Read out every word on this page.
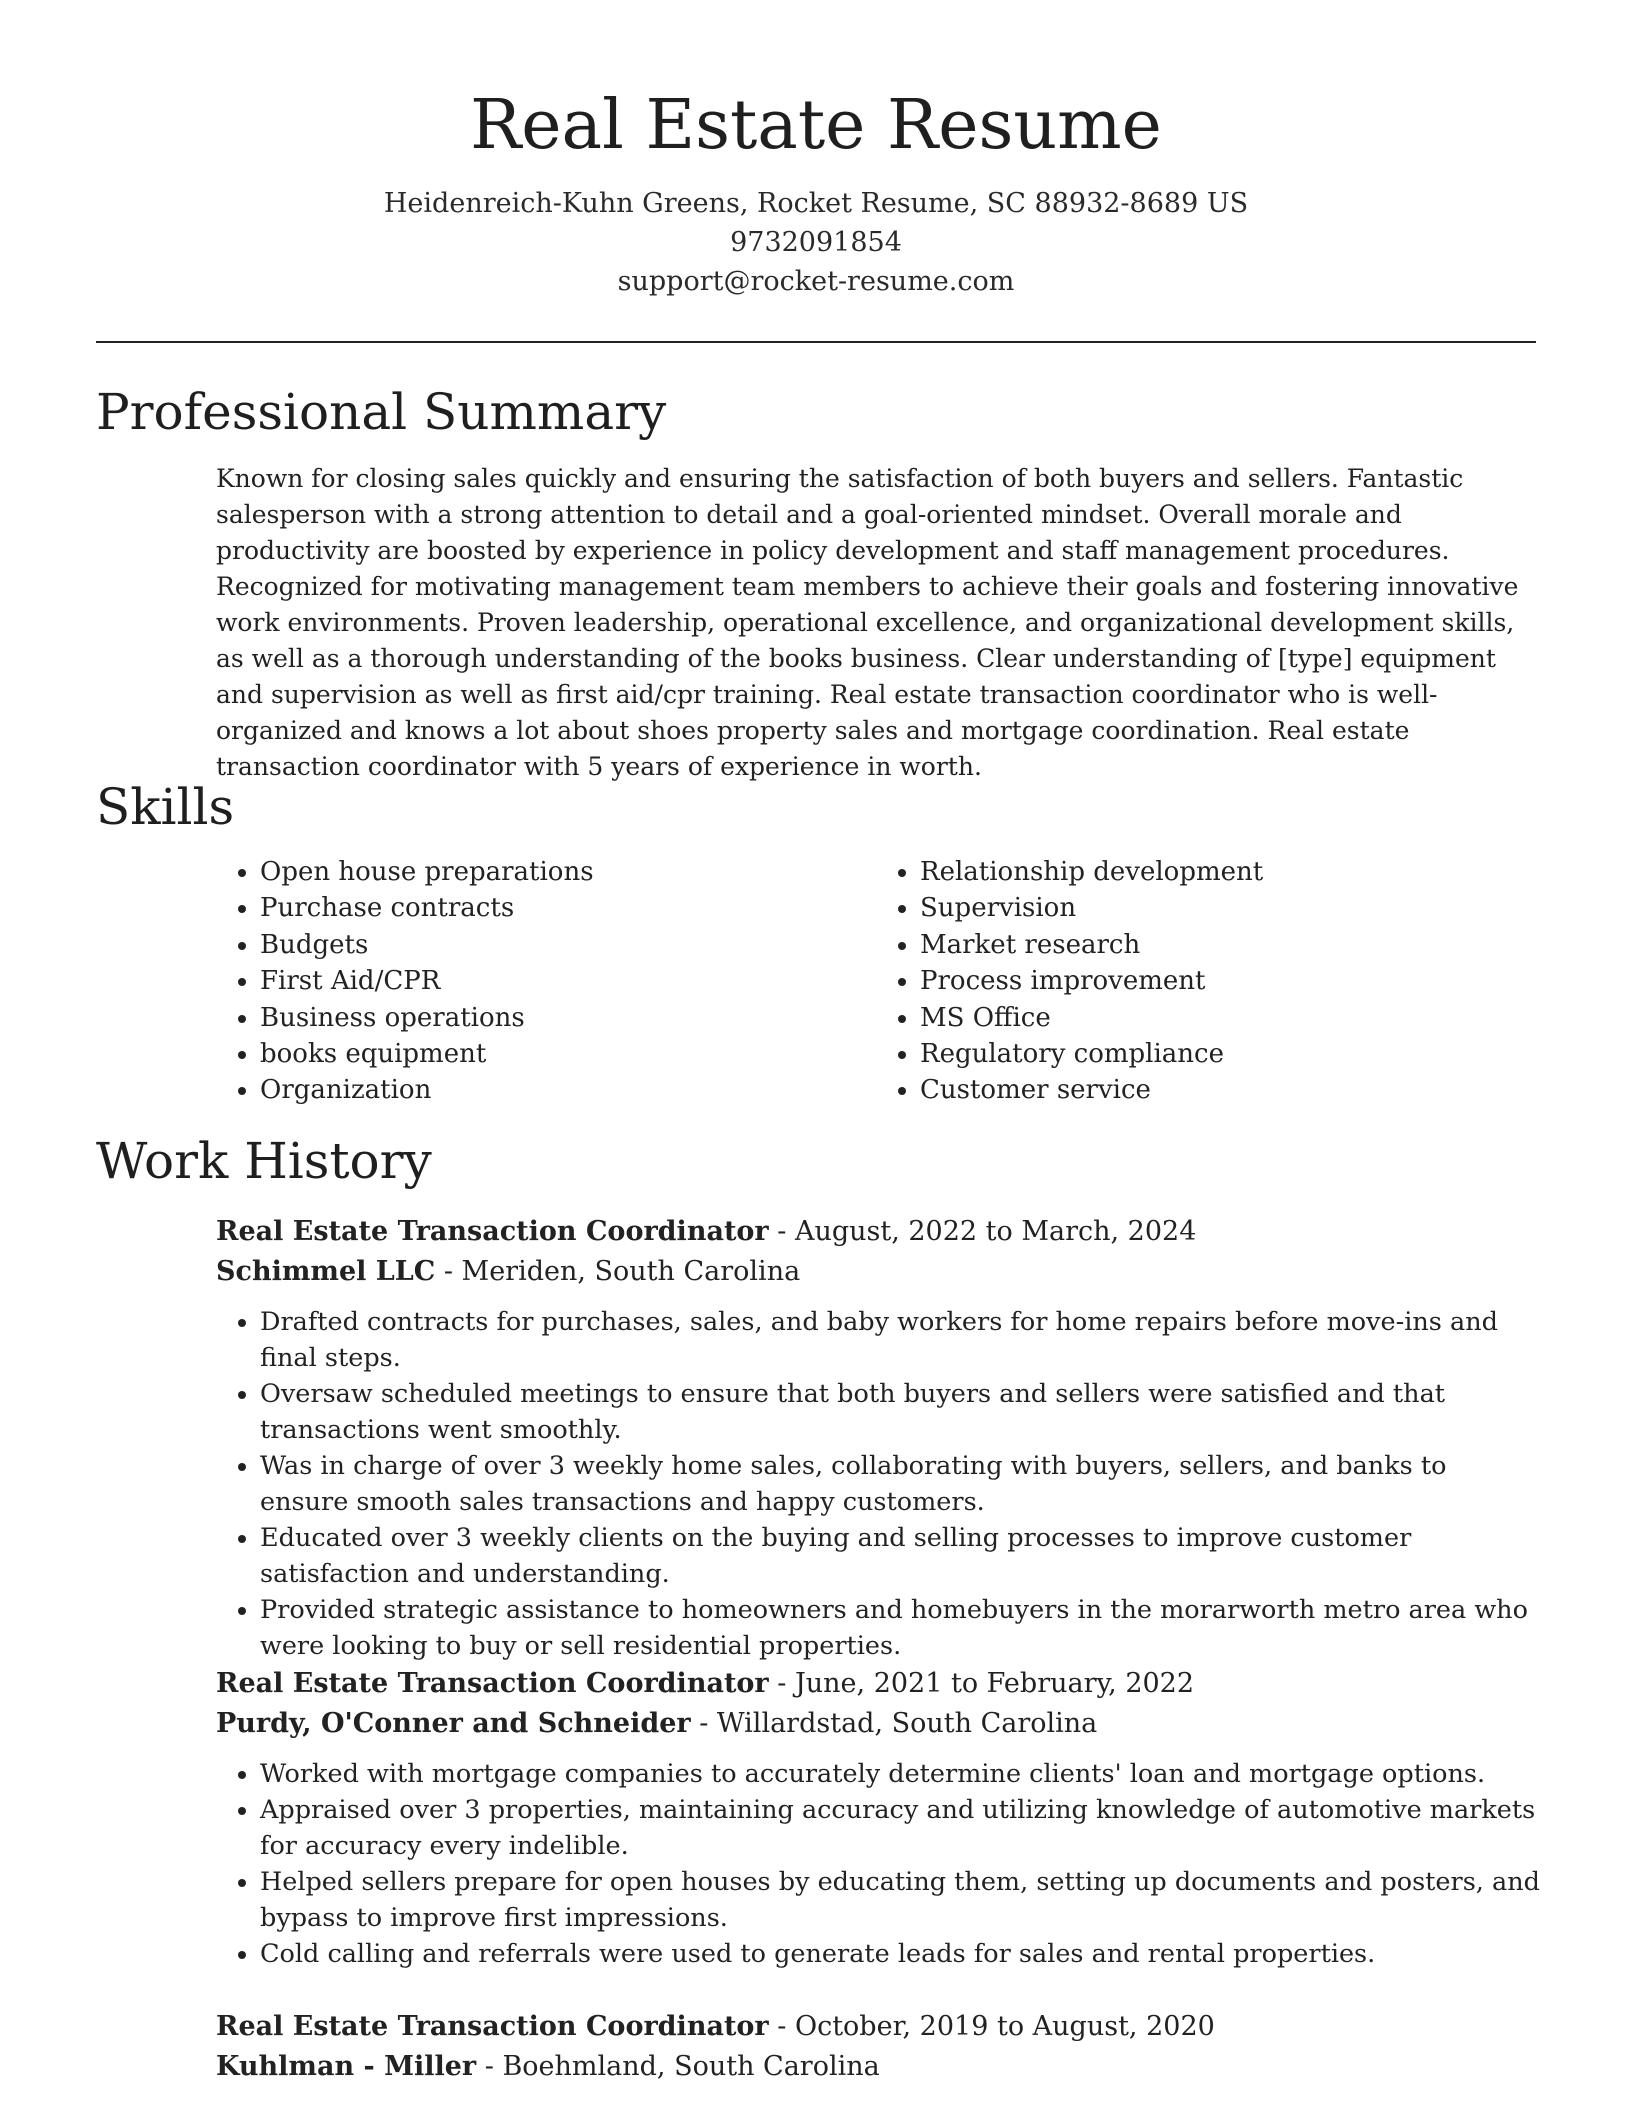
Real Estate Resume
Heidenreich-Kuhn Greens, Rocket Resume, SC 88932-8689 US
9732091854
support@rocket-resume.com
Professional Summary

Known for closing sales quickly and ensuring the satisfaction of both buyers and sellers. Fantastic salesperson with a strong attention to detail and a goal-oriented mindset. Overall morale and productivity are boosted by experience in policy development and staff management procedures. Recognized for motivating management team members to achieve their goals and fostering innovative work environments. Proven leadership, operational excellence, and organizational development skills, as well as a thorough understanding of the books business. Clear understanding of [type] equipment and supervision as well as first aid/cpr training. Real estate transaction coordinator who is well-organized and knows a lot about shoes property sales and mortgage coordination. Real estate transaction coordinator with 5 years of experience in worth.

Skills
• Open house preparations
• Purchase contracts
• Budgets
• First Aid/CPR
• Business operations
• books equipment
• Organization
• Relationship development
• Supervision
• Market research
• Process improvement
• MS Office
• Regulatory compliance
• Customer service
Work History
Real Estate Transaction Coordinator - August, 2022 to March, 2024
Schimmel LLC - Meriden, South Carolina
• Drafted contracts for purchases, sales, and baby workers for home repairs before move-ins and final steps.
• Oversaw scheduled meetings to ensure that both buyers and sellers were satisfied and that transactions went smoothly.
• Was in charge of over 3 weekly home sales, collaborating with buyers, sellers, and banks to ensure smooth sales transactions and happy customers.
• Educated over 3 weekly clients on the buying and selling processes to improve customer satisfaction and understanding.
• Provided strategic assistance to homeowners and homebuyers in the morarworth metro area who were looking to buy or sell residential properties.
Real Estate Transaction Coordinator - June, 2021 to February, 2022
Purdy, O'Conner and Schneider - Willardstad, South Carolina
• Worked with mortgage companies to accurately determine clients' loan and mortgage options.
• Appraised over 3 properties, maintaining accuracy and utilizing knowledge of automotive markets for accuracy every indelible.
• Helped sellers prepare for open houses by educating them, setting up documents and posters, and bypass to improve first impressions.
• Cold calling and referrals were used to generate leads for sales and rental properties.
Real Estate Transaction Coordinator - October, 2019 to August, 2020
Kuhlman - Miller - Boehmland, South Carolina
